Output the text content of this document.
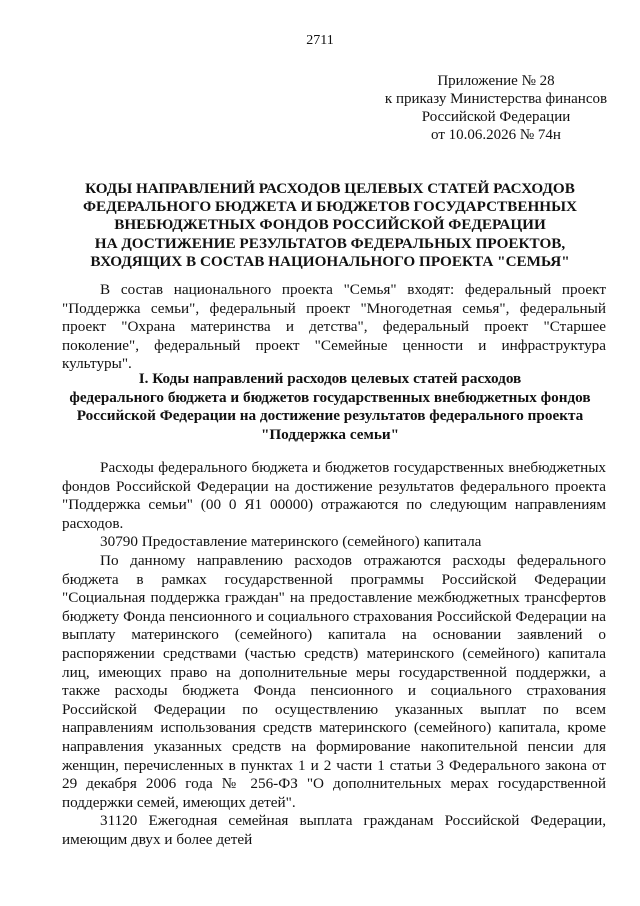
2711
Приложение № 28
к приказу Министерства финансов
Российской Федерации
от 10.06.2026 № 74н
КОДЫ НАПРАВЛЕНИЙ РАСХОДОВ ЦЕЛЕВЫХ СТАТЕЙ РАСХОДОВ
ФЕДЕРАЛЬНОГО БЮДЖЕТА И БЮДЖЕТОВ ГОСУДАРСТВЕННЫХ
ВНЕБЮДЖЕТНЫХ ФОНДОВ РОССИЙСКОЙ ФЕДЕРАЦИИ
НА ДОСТИЖЕНИЕ РЕЗУЛЬТАТОВ ФЕДЕРАЛЬНЫХ ПРОЕКТОВ,
ВХОДЯЩИХ В СОСТАВ НАЦИОНАЛЬНОГО ПРОЕКТА "СЕМЬЯ"
В состав национального проекта "Семья" входят: федеральный проект "Поддержка семьи", федеральный проект "Многодетная семья", федеральный проект "Охрана материнства и детства", федеральный проект "Старшее поколение", федеральный проект "Семейные ценности и инфраструктура культуры".
I. Коды направлений расходов целевых статей расходов
федерального бюджета и бюджетов государственных внебюджетных фондов
Российской Федерации на достижение результатов федерального проекта
"Поддержка семьи"

Расходы федерального бюджета и бюджетов государственных внебюджетных фондов Российской Федерации на достижение результатов федерального проекта "Поддержка семьи" (00 0 Я1 00000) отражаются по следующим направлениям расходов.

30790 Предоставление материнского (семейного) капитала

По данному направлению расходов отражаются расходы федерального бюджета в рамках государственной программы Российской Федерации "Социальная поддержка граждан" на предоставление межбюджетных трансфертов бюджету Фонда пенсионного и социального страхования Российской Федерации на выплату материнского (семейного) капитала на основании заявлений о распоряжении средствами (частью средств) материнского (семейного) капитала лиц, имеющих право на дополнительные меры государственной поддержки, а также расходы бюджета Фонда пенсионного и социального страхования Российской Федерации по осуществлению указанных выплат по всем направлениям использования средств материнского (семейного) капитала, кроме направления указанных средств на формирование накопительной пенсии для женщин, перечисленных в пунктах 1 и 2 части 1 статьи 3 Федерального закона от 29 декабря 2006 года № 256-ФЗ "О дополнительных мерах государственной поддержки семей, имеющих детей".

31120 Ежегодная семейная выплата гражданам Российской Федерации, имеющим двух и более детей
